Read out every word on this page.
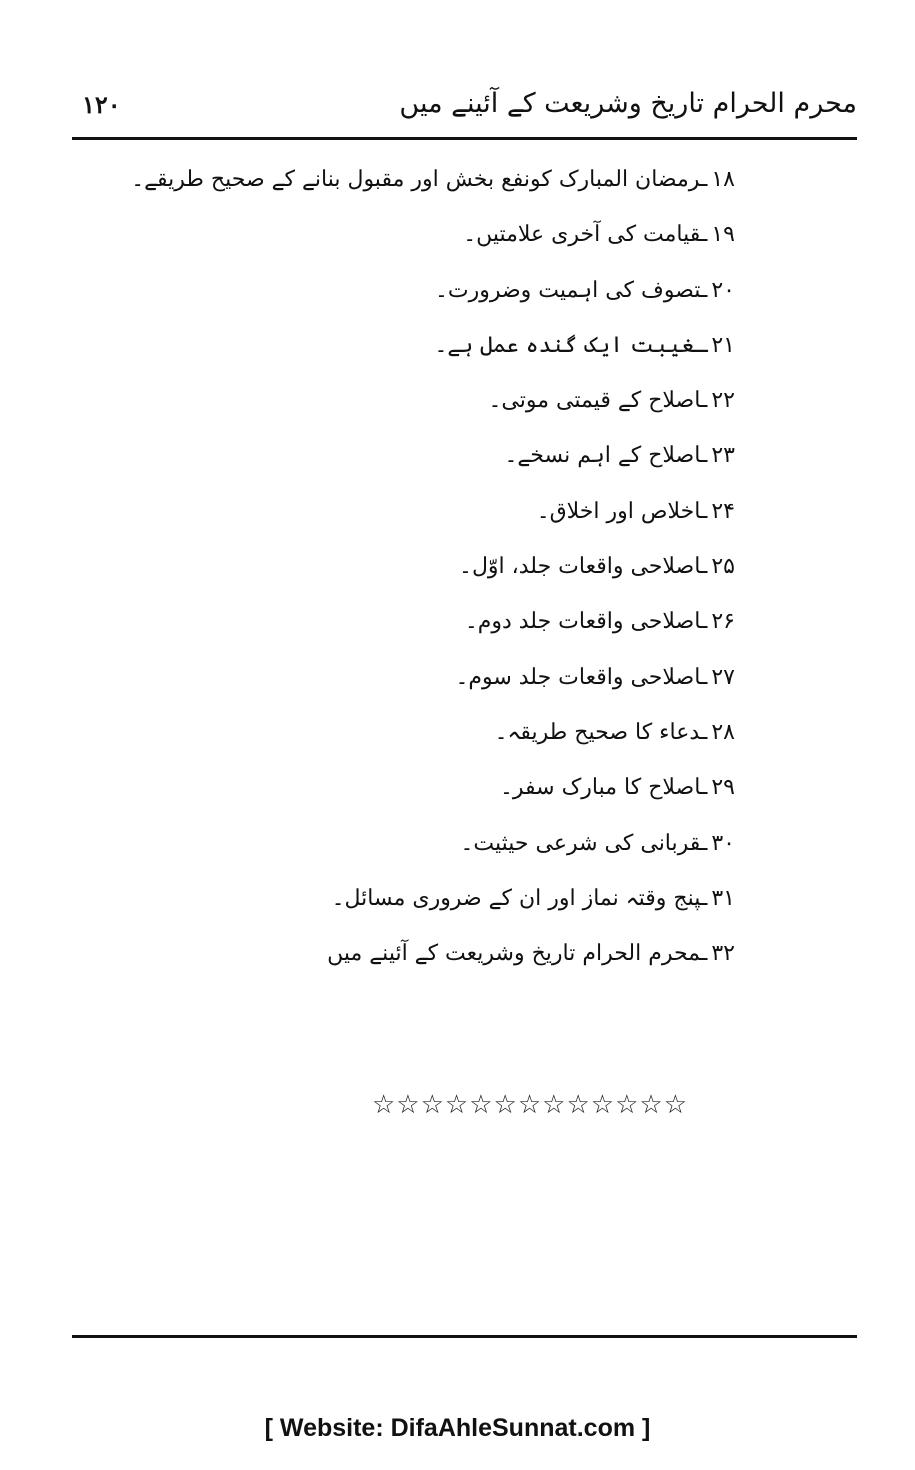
محرم الحرام تاریخ وشریعت کے آئینے میں
۱۲۰
۱۸ـرمضان المبارک کونفع بخش اور مقبول بنانے کے صحیح طریقے۔
۱۹ـقیامت کی آخری علامتیں۔
۲۰ـتصوف کی اہمیت وضرورت۔
۲۱ـغیبت ایک گندہ عمل ہے۔
۲۲ـاصلاح کے قیمتی موتی۔
۲۳ـاصلاح کے اہم نسخے۔
۲۴ـاخلاص اور اخلاق۔
۲۵ـاصلاحی واقعات جلد، اوّل۔
۲۶ـاصلاحی واقعات جلد دوم۔
۲۷ـاصلاحی واقعات جلد سوم۔
۲۸ـدعاء کا صحیح طریقہ۔
۲۹ـاصلاح کا مبارک سفر۔
۳۰ـقربانی کی شرعی حیثیت۔
۳۱ـپنج وقتہ نماز اور ان کے ضروری مسائل۔
۳۲ـمحرم الحرام تاریخ وشریعت کے آئینے میں
☆☆☆☆☆☆☆☆☆☆☆☆☆
[ Website: DifaAhleSunnat.com ]
